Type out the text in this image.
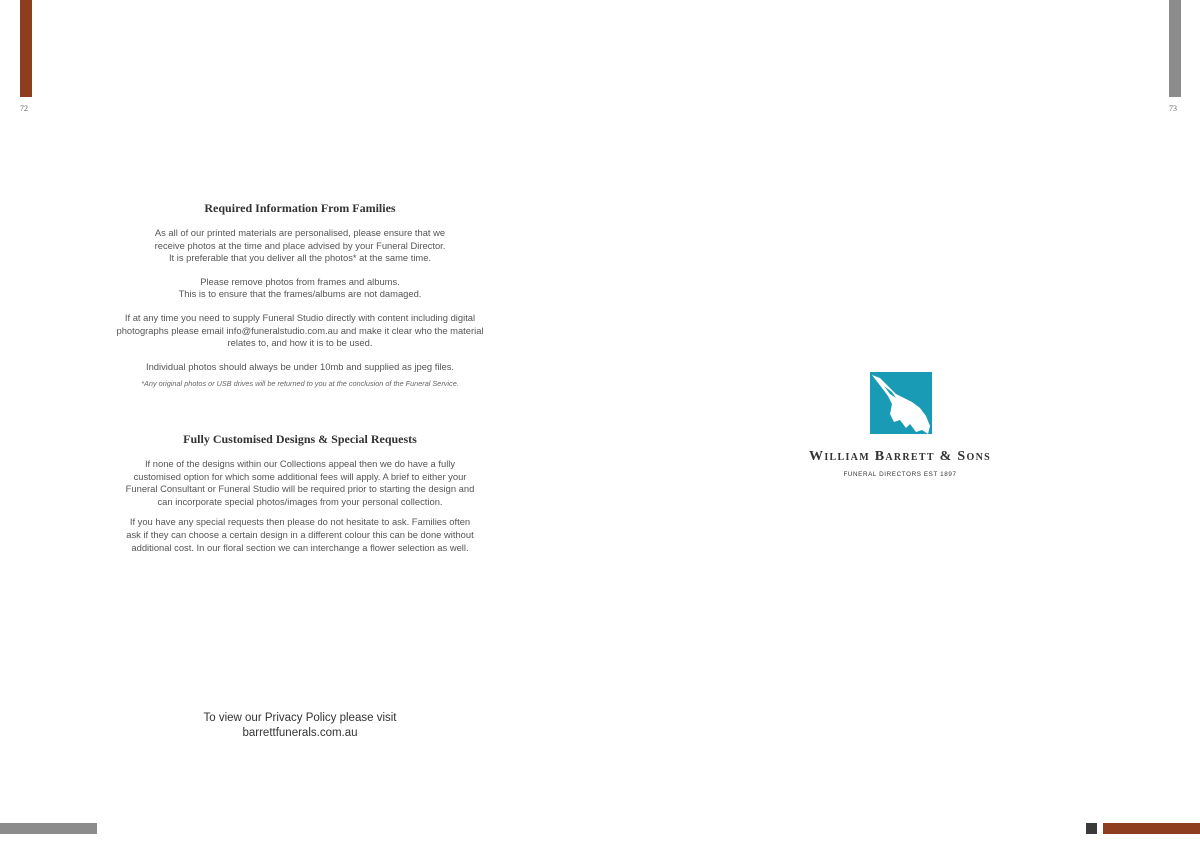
72	73
Required Information From Families

As all of our printed materials are personalised, please ensure that we
receive photos at the time and place advised by your Funeral Director.
It is preferable that you deliver all the photos* at the same time.

Please remove photos from frames and albums.
This is to ensure that the frames/albums are not damaged.

If at any time you need to supply Funeral Studio directly with content including digital
photographs please email info@funeralstudio.com.au and make it clear who the material
relates to, and how it is to be used.

Individual photos should always be under 10mb and supplied as jpeg files.

*Any original photos or USB drives will be returned to you at the conclusion of the Funeral Service.

Fully Customised Designs & Special Requests

If none of the designs within our Collections appeal then we do have a fully
customised option for which some additional fees will apply. A brief to either your
Funeral Consultant or Funeral Studio will be required prior to starting the design and
can incorporate special photos/images from your personal collection.

If you have any special requests then please do not hesitate to ask. Families often
ask if they can choose a certain design in a different colour this can be done without
additional cost. In our floral section we can interchange a flower selection as well.

To view our Privacy Policy please visit
barrettfunerals.com.au
William Barrett & Sons
FUNERAL DIRECTORS EST 1897
